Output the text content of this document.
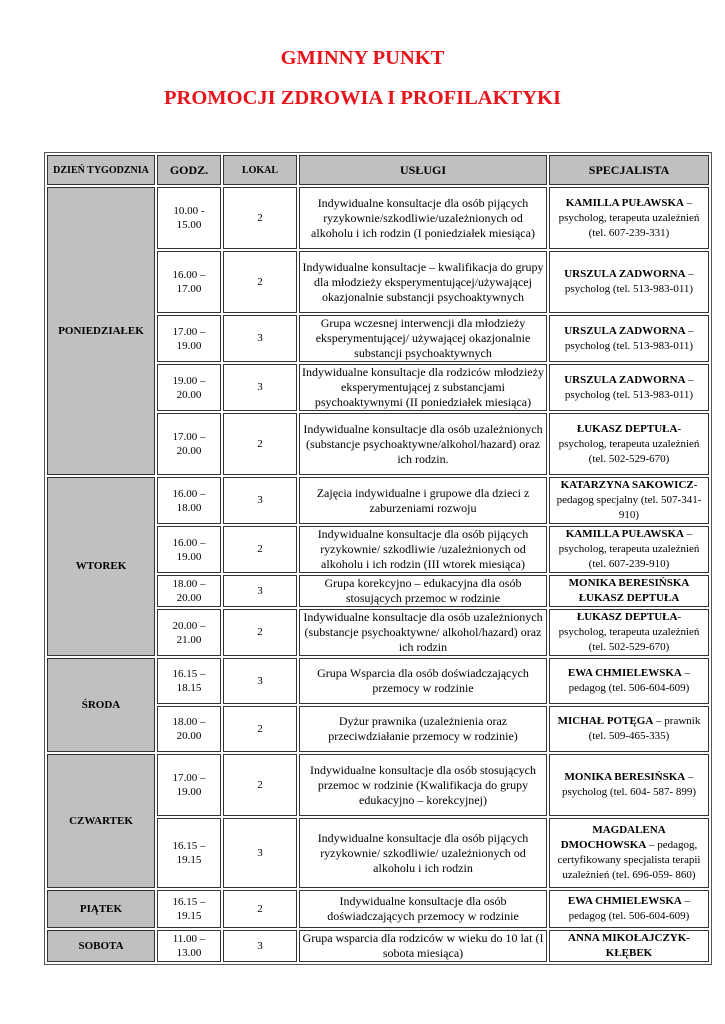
GMINNY PUNKT
PROMOCJI ZDROWIA I PROFILAKTYKI
DZIEŃ TYGODZNIA	GODZ.	LOKAL	USŁUGI	SPECJALISTA
PONIEDZIAŁEK	10.00 - 15.00	2	Indywidualne konsultacje dla osób pijących ryzykownie/szkodliwie/uzależnionych od alkoholu i ich rodzin (I poniedziałek miesiąca)	KAMILLA PUŁAWSKA – psycholog, terapeuta uzależnień (tel. 607-239-331)
	16.00 – 17.00	2	Indywidualne konsultacje – kwalifikacja do grupy dla młodzieży eksperymentującej/używającej okazjonalnie substancji psychoaktywnych	URSZULA ZADWORNA – psycholog (tel. 513-983-011)
	17.00 – 19.00	3	Grupa wczesnej interwencji dla młodzieży eksperymentującej/ używającej okazjonalnie substancji psychoaktywnych	URSZULA ZADWORNA – psycholog (tel. 513-983-011)
	19.00 – 20.00	3	Indywidualne konsultacje dla rodziców młodzieży eksperymentującej z substancjami psychoaktywnymi (II poniedziałek miesiąca)	URSZULA ZADWORNA – psycholog (tel. 513-983-011)
	17.00 – 20.00	2	Indywidualne konsultacje dla osób uzależnionych (substancje psychoaktywne/alkohol/hazard) oraz ich rodzin.	ŁUKASZ DEPTUŁA- psycholog, terapeuta uzależnień (tel. 502-529-670)
WTOREK	16.00 – 18.00	3	Zajęcia indywidualne i grupowe dla dzieci z zaburzeniami rozwoju	KATARZYNA SAKOWICZ- pedagog specjalny (tel. 507-341-910)
	16.00 – 19.00	2	Indywidualne konsultacje dla osób pijących ryzykownie/ szkodliwie /uzależnionych od alkoholu i ich rodzin (III wtorek miesiąca)	KAMILLA PUŁAWSKA – psycholog, terapeuta uzależnień (tel. 607-239-910)
	18.00 – 20.00	3	Grupa korekcyjno – edukacyjna dla osób stosujących przemoc w rodzinie	MONIKA BERESIŃSKA ŁUKASZ DEPTUŁA
	20.00 – 21.00	2	Indywidualne konsultacje dla osób uzależnionych (substancje psychoaktywne/ alkohol/hazard) oraz ich rodzin	ŁUKASZ DEPTUŁA- psycholog, terapeuta uzależnień (tel. 502-529-670)
ŚRODA	16.15 – 18.15	3	Grupa Wsparcia dla osób doświadczających przemocy w rodzinie	EWA CHMIELEWSKA – pedagog (tel. 506-604-609)
	18.00 – 20.00	2	Dyżur prawnika (uzależnienia oraz przeciwdziałanie przemocy w rodzinie)	MICHAŁ POTĘGA – prawnik (tel. 509-465-335)
CZWARTEK	17.00 – 19.00	2	Indywidualne konsultacje dla osób stosujących przemoc w rodzinie (Kwalifikacja do grupy edukacyjno – korekcyjnej)	MONIKA BERESIŃSKA – psycholog (tel. 604- 587- 899)
	16.15 – 19.15	3	Indywidualne konsultacje dla osób pijących ryzykownie/ szkodliwie/ uzależnionych od alkoholu i ich rodzin	MAGDALENA DMOCHOWSKA – pedagog, certyfikowany specjalista terapii uzależnień (tel. 696-059- 860)
PIĄTEK	16.15 – 19.15	2	Indywidualne konsultacje dla osób doświadczających przemocy w rodzinie	EWA CHMIELEWSKA – pedagog (tel. 506-604-609)
SOBOTA	11.00 – 13.00	3	Grupa wsparcia dla rodziców w wieku do 10 lat (I sobota miesiąca)	ANNA MIKOŁAJCZYK-KŁĘBEK
